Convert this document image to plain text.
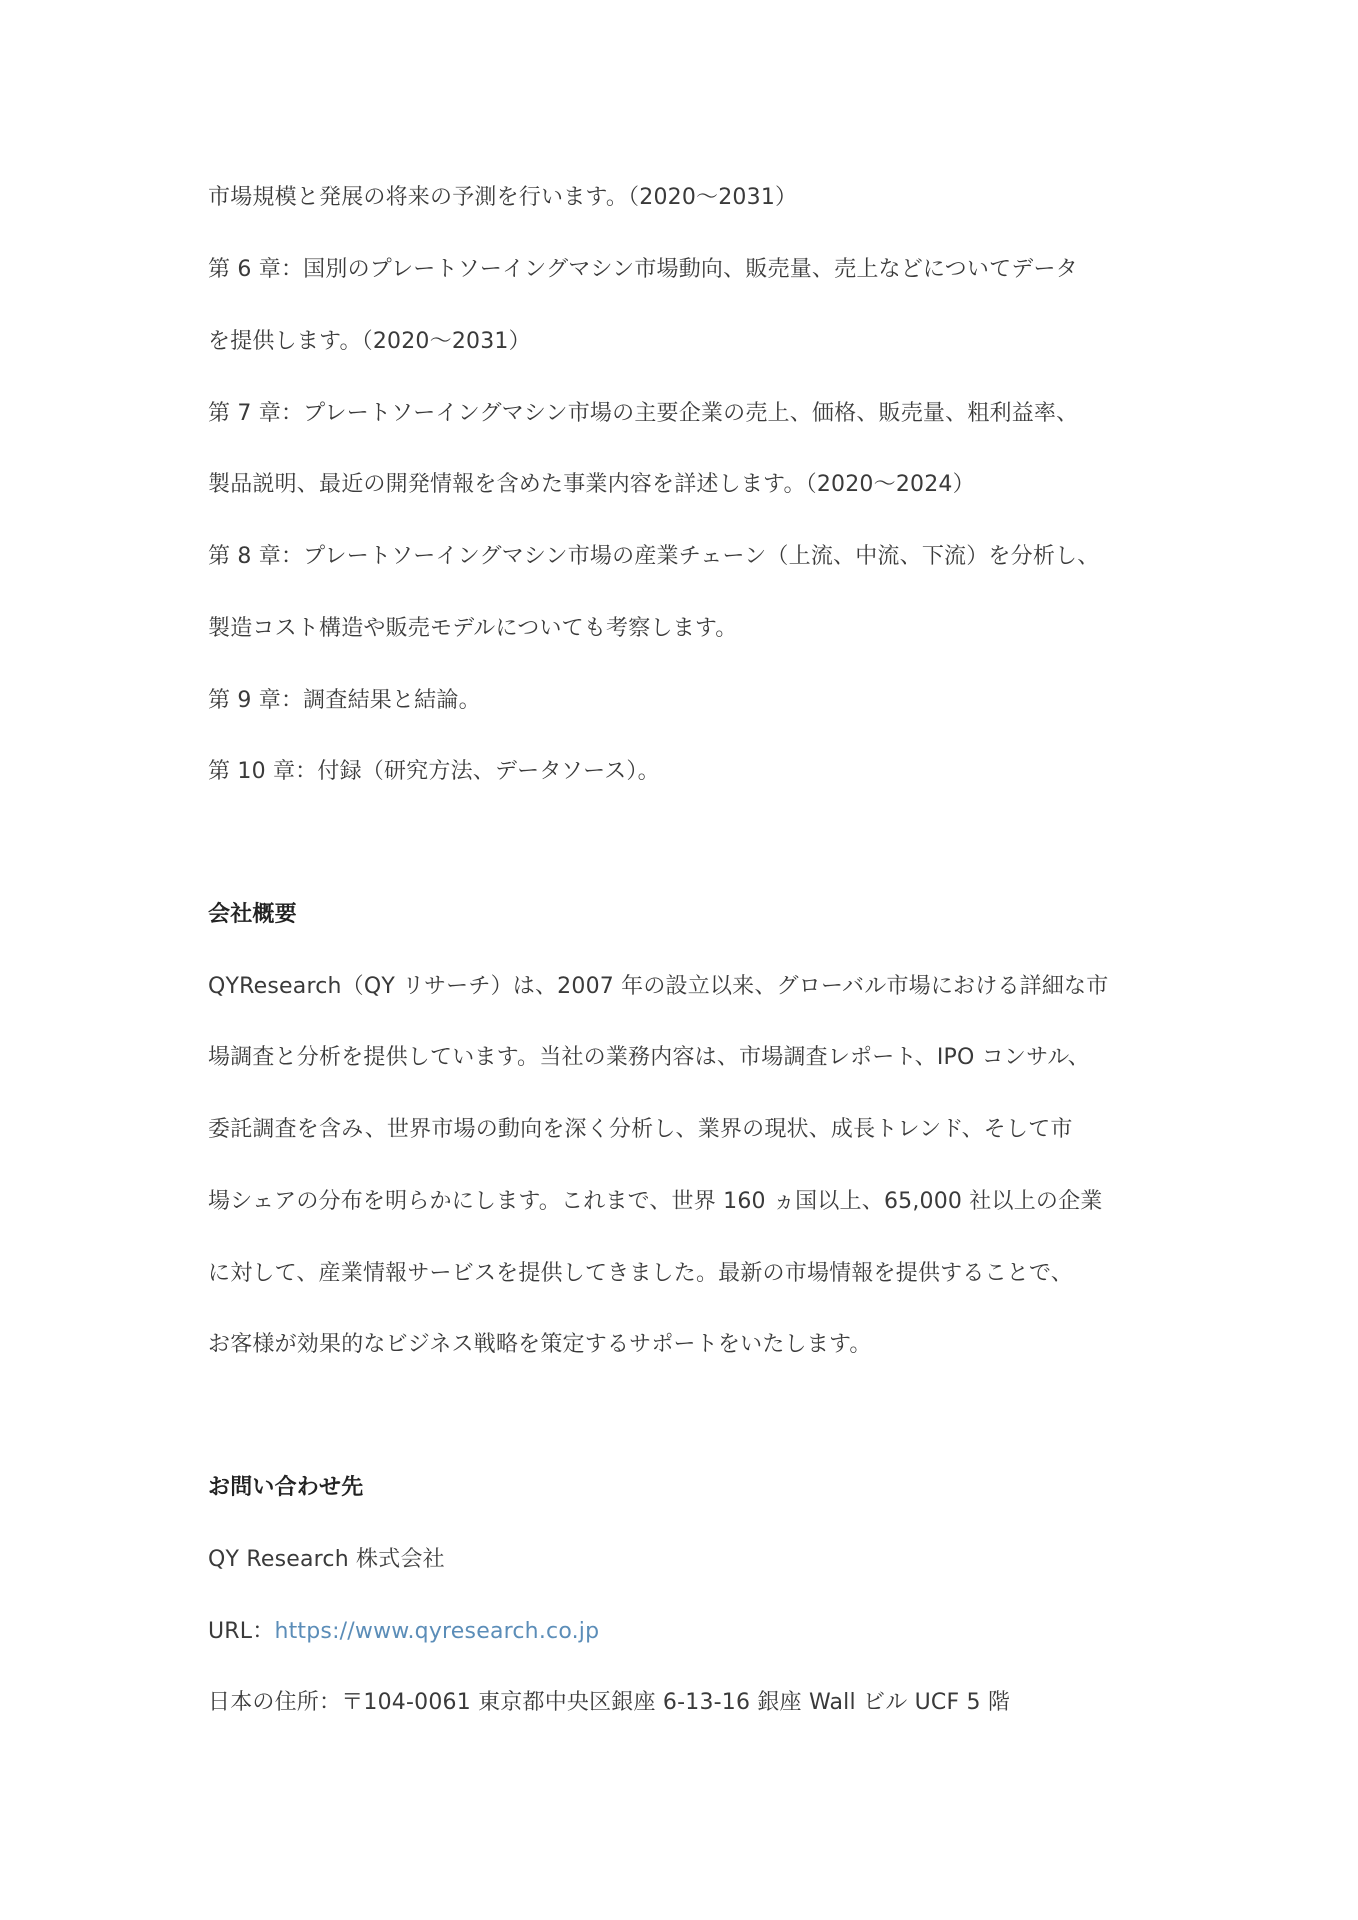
市場規模と発展の将来の予測を行います。（2020～2031）

第 6 章：国別のプレートソーイングマシン市場動向、販売量、売上などについてデータ

を提供します。（2020～2031）

第 7 章：プレートソーイングマシン市場の主要企業の売上、価格、販売量、粗利益率、

製品説明、最近の開発情報を含めた事業内容を詳述します。（2020～2024）

第 8 章：プレートソーイングマシン市場の産業チェーン（上流、中流、下流）を分析し、

製造コスト構造や販売モデルについても考察します。

第 9 章：調査結果と結論。

第 10 章：付録（研究方法、データソース）。

会社概要

QYResearch（QY リサーチ）は、2007 年の設立以来、グローバル市場における詳細な市

場調査と分析を提供しています。当社の業務内容は、市場調査レポート、IPO コンサル、

委託調査を含み、世界市場の動向を深く分析し、業界の現状、成長トレンド、そして市

場シェアの分布を明らかにします。これまで、世界 160 ヵ国以上、65,000 社以上の企業

に対して、産業情報サービスを提供してきました。最新の市場情報を提供することで、

お客様が効果的なビジネス戦略を策定するサポートをいたします。

お問い合わせ先

QY Research 株式会社

URL：https://www.qyresearch.co.jp

日本の住所：〒104-0061 東京都中央区銀座 6-13-16 銀座 Wall ビル UCF 5 階
